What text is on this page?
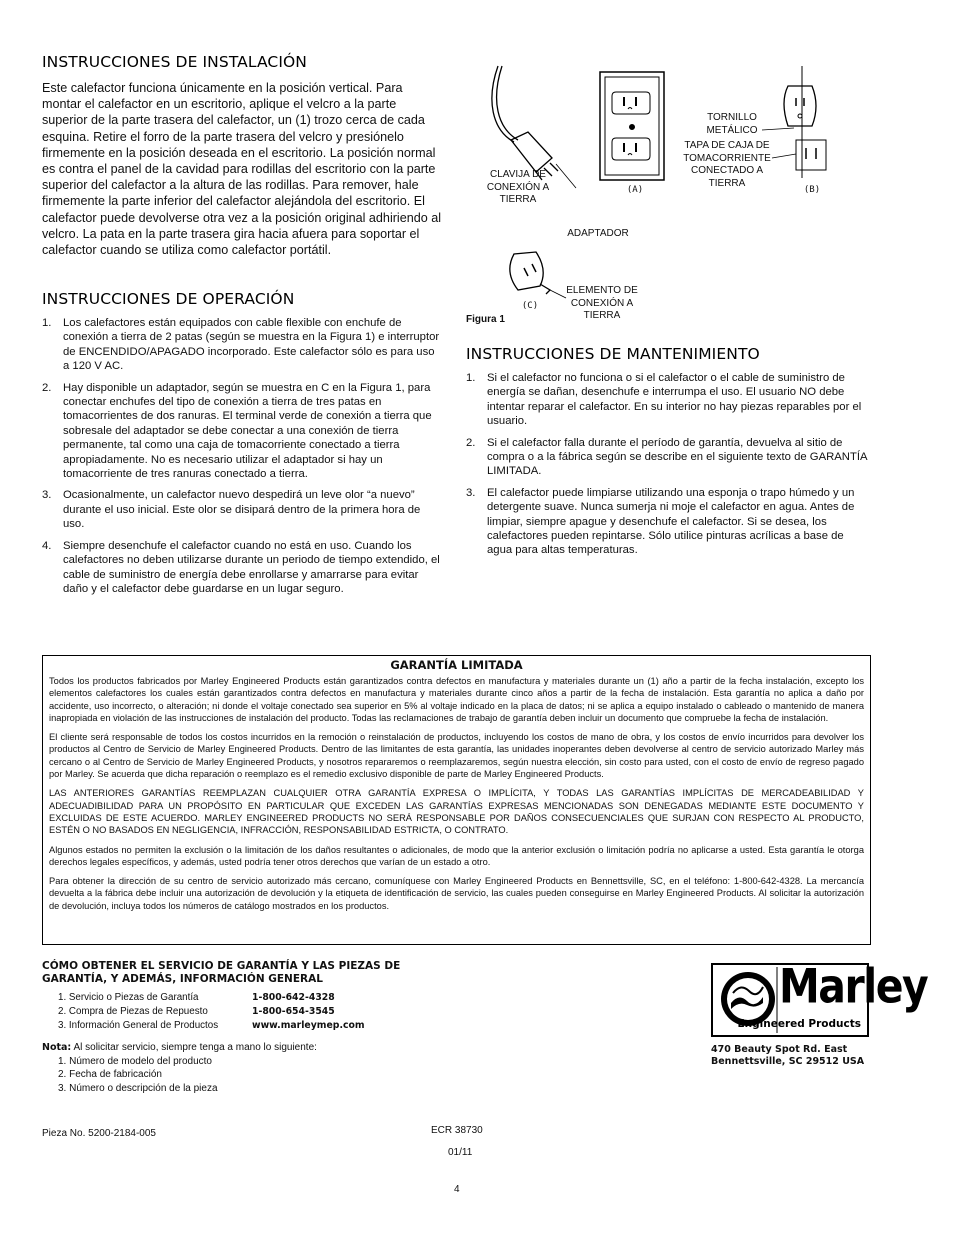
INSTRUCCIONES DE INSTALACIÓN
Este calefactor funciona únicamente en la posición vertical. Para montar el calefactor en un escritorio, aplique el velcro a la parte superior de la parte trasera del calefactor, un (1) trozo cerca de cada esquina. Retire el forro de la parte trasera del velcro y presiónelo firmemente en la posición deseada en el escritorio. La posición normal es contra el panel de la cavidad para rodillas del escritorio con la parte superior del calefactor a la altura de las rodillas. Para remover, hale firmemente la parte inferior del calefactor alejándola del escritorio. El calefactor puede devolverse otra vez a la posición original adhiriendo al velcro. La pata en la parte trasera gira hacia afuera para soportar el calefactor cuando se utiliza como calefactor portátil.
INSTRUCCIONES DE OPERACIÓN
1. Los calefactores están equipados con cable flexible con enchufe de conexión a tierra de 2 patas (según se muestra en la Figura 1) e interruptor de ENCENDIDO/APAGADO incorporado. Este calefactor sólo es para uso a 120 V AC.
2. Hay disponible un adaptador, según se muestra en C en la Figura 1, para conectar enchufes del tipo de conexión a tierra de tres patas en tomacorrientes de dos ranuras. El terminal verde de conexión a tierra que sobresale del adaptador se debe conectar a una conexión de tierra permanente, tal como una caja de tomacorriente conectado a tierra apropiadamente. No es necesario utilizar el adaptador si hay un tomacorriente de tres ranuras conectado a tierra.
3. Ocasionalmente, un calefactor nuevo despedirá un leve olor “a nuevo” durante el uso inicial. Este olor se disipará dentro de la primera hora de uso.
4. Siempre desenchufe el calefactor cuando no está en uso. Cuando los calefactores no deben utilizarse durante un periodo de tiempo extendido, el cable de suministro de energía debe enrollarse y amarrarse para evitar daño y el calefactor debe guardarse en un lugar seguro.
CLAVIJA DE CONEXIÓN A TIERRA
TORNILLO METÁLICO
TAPA DE CAJA DE TOMACORRIENTE CONECTADO A TIERRA
ADAPTADOR
ELEMENTO DE CONEXIÓN A TIERRA
(A)	(B)
(C)
Figura 1
INSTRUCCIONES DE MANTENIMIENTO
1. Si el calefactor no funciona o si el calefactor o el cable de suministro de energía se dañan, desenchufe e interrumpa el uso. El usuario NO debe intentar reparar el calefactor. En su interior no hay piezas reparables por el usuario.
2. Si el calefactor falla durante el período de garantía, devuelva al sitio de compra o a la fábrica según se describe en el siguiente texto de GARANTÍA LIMITADA.
3. El calefactor puede limpiarse utilizando una esponja o trapo húmedo y un detergente suave. Nunca sumerja ni moje el calefactor en agua. Antes de limpiar, siempre apague y desenchufe el calefactor. Si se desea, los calefactores pueden repintarse. Sólo utilice pinturas acrílicas a base de agua para altas temperaturas.
GARANTÍA LIMITADA

Todos los productos fabricados por Marley Engineered Products están garantizados contra defectos en manufactura y materiales durante un (1) año a partir de la fecha instalación, excepto los elementos calefactores los cuales están garantizados contra defectos en manufactura y materiales durante cinco años a partir de la fecha de instalación. Esta garantía no aplica a daño por accidente, uso incorrecto, o alteración; ni donde el voltaje conectado sea superior en 5% al voltaje indicado en la placa de datos; ni se aplica a equipo instalado o cableado o mantenido de manera inapropiada en violación de las instrucciones de instalación del producto. Todas las reclamaciones de trabajo de garantía deben incluir un documento que compruebe la fecha de instalación.

El cliente será responsable de todos los costos incurridos en la remoción o reinstalación de productos, incluyendo los costos de mano de obra, y los costos de envío incurridos para devolver los productos al Centro de Servicio de Marley Engineered Products. Dentro de las limitantes de esta garantía, las unidades inoperantes deben devolverse al centro de servicio autorizado Marley más cercano o al Centro de Servicio de Marley Engineered Products, y nosotros repararemos o reemplazaremos, según nuestra elección, sin costo para usted, con el costo de envío de regreso pagado por Marley. Se acuerda que dicha reparación o reemplazo es el remedio exclusivo disponible de parte de Marley Engineered Products.

LAS ANTERIORES GARANTÍAS REEMPLAZAN CUALQUIER OTRA GARANTÍA EXPRESA O IMPLÍCITA, Y TODAS LAS GARANTÍAS IMPLÍCITAS DE MERCADEABILIDAD Y ADECUADIBILIDAD PARA UN PROPÓSITO EN PARTICULAR QUE EXCEDEN LAS GARANTÍAS EXPRESAS MENCIONADAS SON DENEGADAS MEDIANTE ESTE DOCUMENTO Y EXCLUIDAS DE ESTE ACUERDO. MARLEY ENGINEERED PRODUCTS NO SERÁ RESPONSABLE POR DAÑOS CONSECUENCIALES QUE SURJAN CON RESPECTO AL PRODUCTO, ESTÉN O NO BASADOS EN NEGLIGENCIA, INFRACCIÓN, RESPONSABILIDAD ESTRICTA, O CONTRATO.

Algunos estados no permiten la exclusión o la limitación de los daños resultantes o adicionales, de modo que la anterior exclusión o limitación podría no aplicarse a usted. Esta garantía le otorga derechos legales específicos, y además, usted podría tener otros derechos que varían de un estado a otro.

Para obtener la dirección de su centro de servicio autorizado más cercano, comuníquese con Marley Engineered Products en Bennettsville, SC, en el teléfono: 1-800-642-4328. La mercancía devuelta a la fábrica debe incluir una autorización de devolución y la etiqueta de identificación de servicio, las cuales pueden conseguirse en Marley Engineered Products. Al solicitar la autorización de devolución, incluya todos los números de catálogo mostrados en los productos.

CÓMO OBTENER EL SERVICIO DE GARANTÍA Y LAS PIEZAS DE
GARANTÍA, Y ADEMÁS, INFORMACIÓN GENERAL
1. Servicio o Piezas de Garantía	1-800-642-4328
2. Compra de Piezas de Repuesto	1-800-654-3545
3. Información General de Productos	www.marleymep.com
Nota: Al solicitar servicio, siempre tenga a mano lo siguiente:
1. Número de modelo del producto
2. Fecha de fabricación
3. Número o descripción de la pieza
Marley
Engineered Products
470 Beauty Spot Rd. East
Bennettsville, SC 29512 USA
Pieza No. 5200-2184-005	ECR 38730
01/11
4
